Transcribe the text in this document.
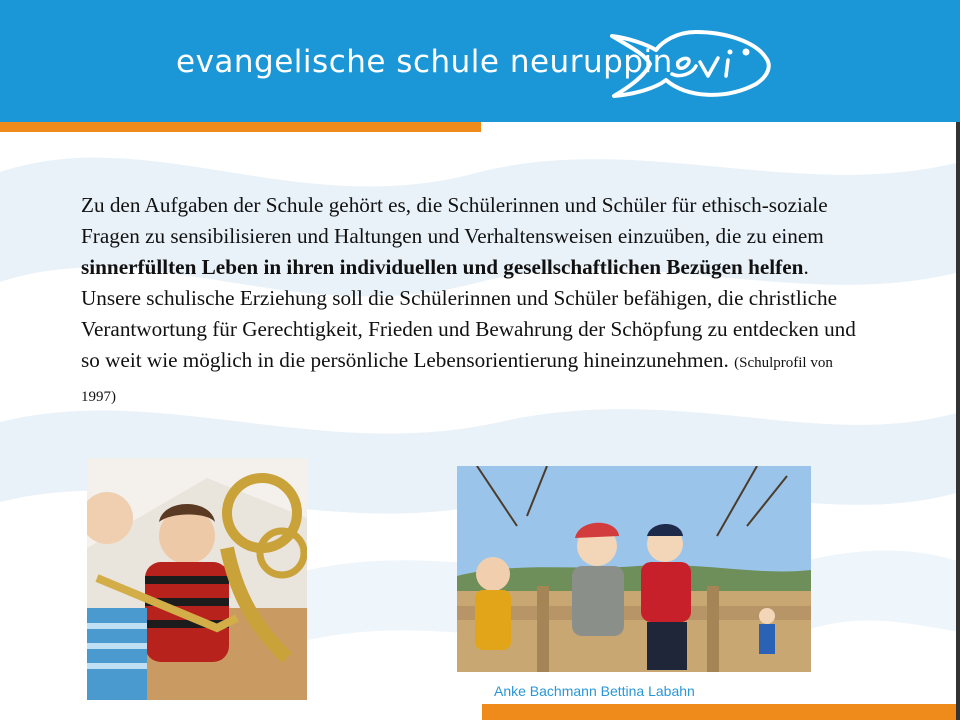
evangelische schule neuruppin
Zu den Aufgaben der Schule gehört es, die Schülerinnen und Schüler für ethisch-soziale Fragen zu sensibilisieren und Haltungen und Verhaltensweisen einzuüben, die zu einem sinnerfüllten Leben in ihren individuellen und gesellschaftlichen Bezügen helfen. Unsere schulische Erziehung soll die Schülerinnen und Schüler befähigen, die christliche Verantwortung für Gerechtigkeit, Frieden und Bewahrung der Schöpfung zu entdecken und so weit wie möglich in die persönliche Lebensorientierung hineinzunehmen. (Schulprofil von 1997)
Anke Bachmann Bettina Labahn
